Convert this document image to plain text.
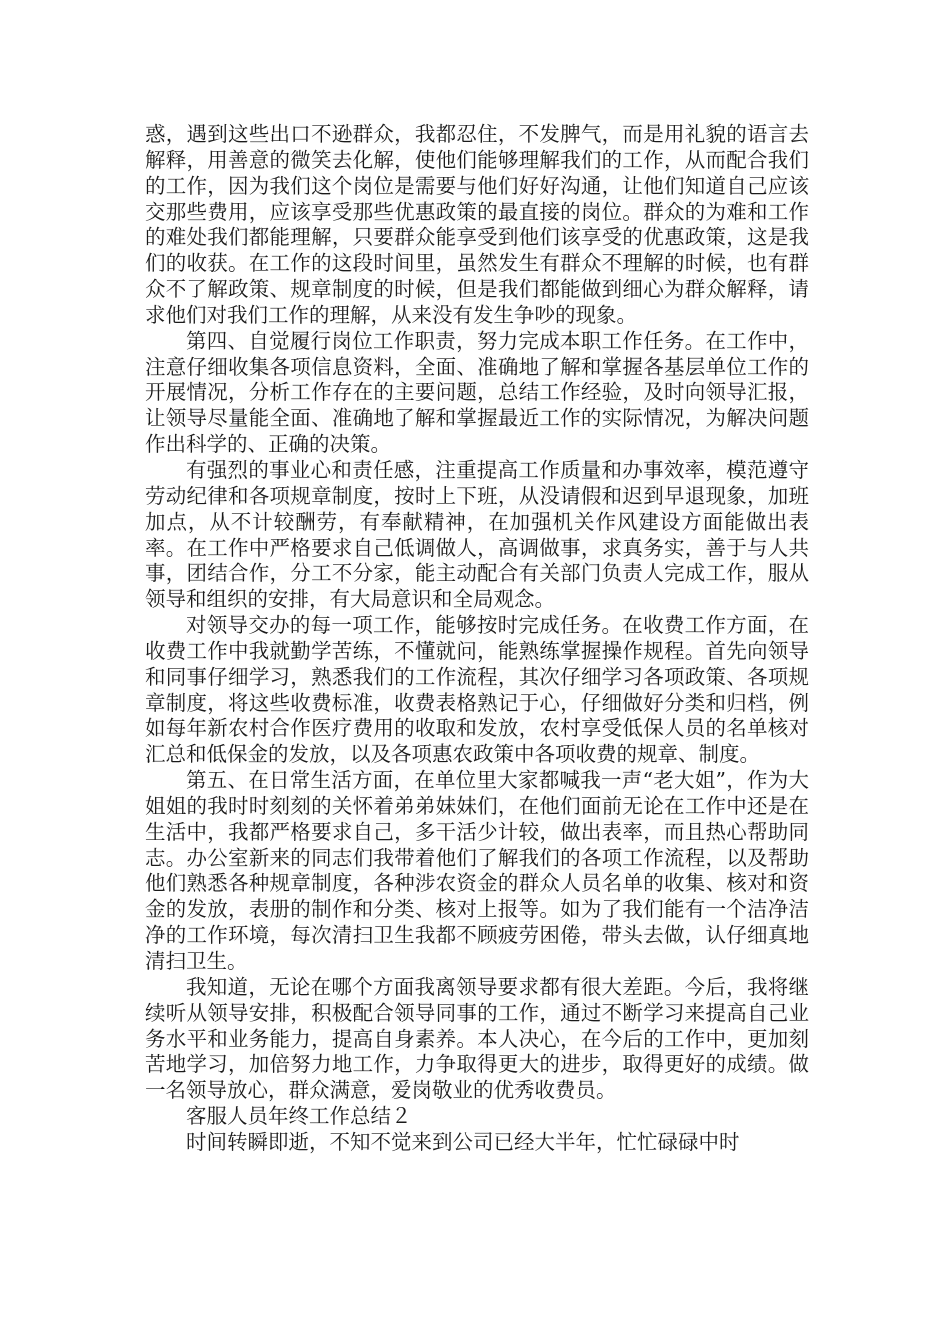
惑，遇到这些出口不逊群众，我都忍住，不发脾气，而是用礼貌的语言去解释，用善意的微笑去化解，使他们能够理解我们的工作，从而配合我们的工作，因为我们这个岗位是需要与他们好好沟通，让他们知道自己应该交那些费用，应该享受那些优惠政策的最直接的岗位。群众的为难和工作的难处我们都能理解，只要群众能享受到他们该享受的优惠政策，这是我们的收获。在工作的这段时间里，虽然发生有群众不理解的时候，也有群众不了解政策、规章制度的时候，但是我们都能做到细心为群众解释，请求他们对我们工作的理解，从来没有发生争吵的现象。

第四、自觉履行岗位工作职责，努力完成本职工作任务。在工作中，注意仔细收集各项信息资料，全面、准确地了解和掌握各基层单位工作的开展情况，分析工作存在的主要问题，总结工作经验，及时向领导汇报，让领导尽量能全面、准确地了解和掌握最近工作的实际情况，为解决问题作出科学的、正确的决策。

有强烈的事业心和责任感，注重提高工作质量和办事效率，模范遵守劳动纪律和各项规章制度，按时上下班，从没请假和迟到早退现象，加班加点，从不计较酬劳，有奉献精神，在加强机关作风建设方面能做出表率。在工作中严格要求自己低调做人，高调做事，求真务实，善于与人共事，团结合作，分工不分家，能主动配合有关部门负责人完成工作，服从领导和组织的安排，有大局意识和全局观念。

对领导交办的每一项工作，能够按时完成任务。在收费工作方面，在收费工作中我就勤学苦练，不懂就问，能熟练掌握操作规程。首先向领导和同事仔细学习，熟悉我们的工作流程，其次仔细学习各项政策、各项规章制度，将这些收费标准，收费表格熟记于心，仔细做好分类和归档，例如每年新农村合作医疗费用的收取和发放，农村享受低保人员的名单核对汇总和低保金的发放，以及各项惠农政策中各项收费的规章、制度。

第五、在日常生活方面，在单位里大家都喊我一声“老大姐”，作为大姐姐的我时时刻刻的关怀着弟弟妹妹们，在他们面前无论在工作中还是在生活中，我都严格要求自己，多干活少计较，做出表率，而且热心帮助同志。办公室新来的同志们我带着他们了解我们的各项工作流程，以及帮助他们熟悉各种规章制度，各种涉农资金的群众人员名单的收集、核对和资金的发放，表册的制作和分类、核对上报等。如为了我们能有一个洁净洁净的工作环境，每次清扫卫生我都不顾疲劳困倦，带头去做，认仔细真地清扫卫生。

我知道，无论在哪个方面我离领导要求都有很大差距。今后，我将继续听从领导安排，积极配合领导同事的工作，通过不断学习来提高自己业务水平和业务能力，提高自身素养。本人决心，在今后的工作中，更加刻苦地学习，加倍努力地工作，力争取得更大的进步，取得更好的成绩。做一名领导放心，群众满意，爱岗敬业的优秀收费员。

客服人员年终工作总结２

时间转瞬即逝，不知不觉来到公司已经大半年，忙忙碌碌中时
